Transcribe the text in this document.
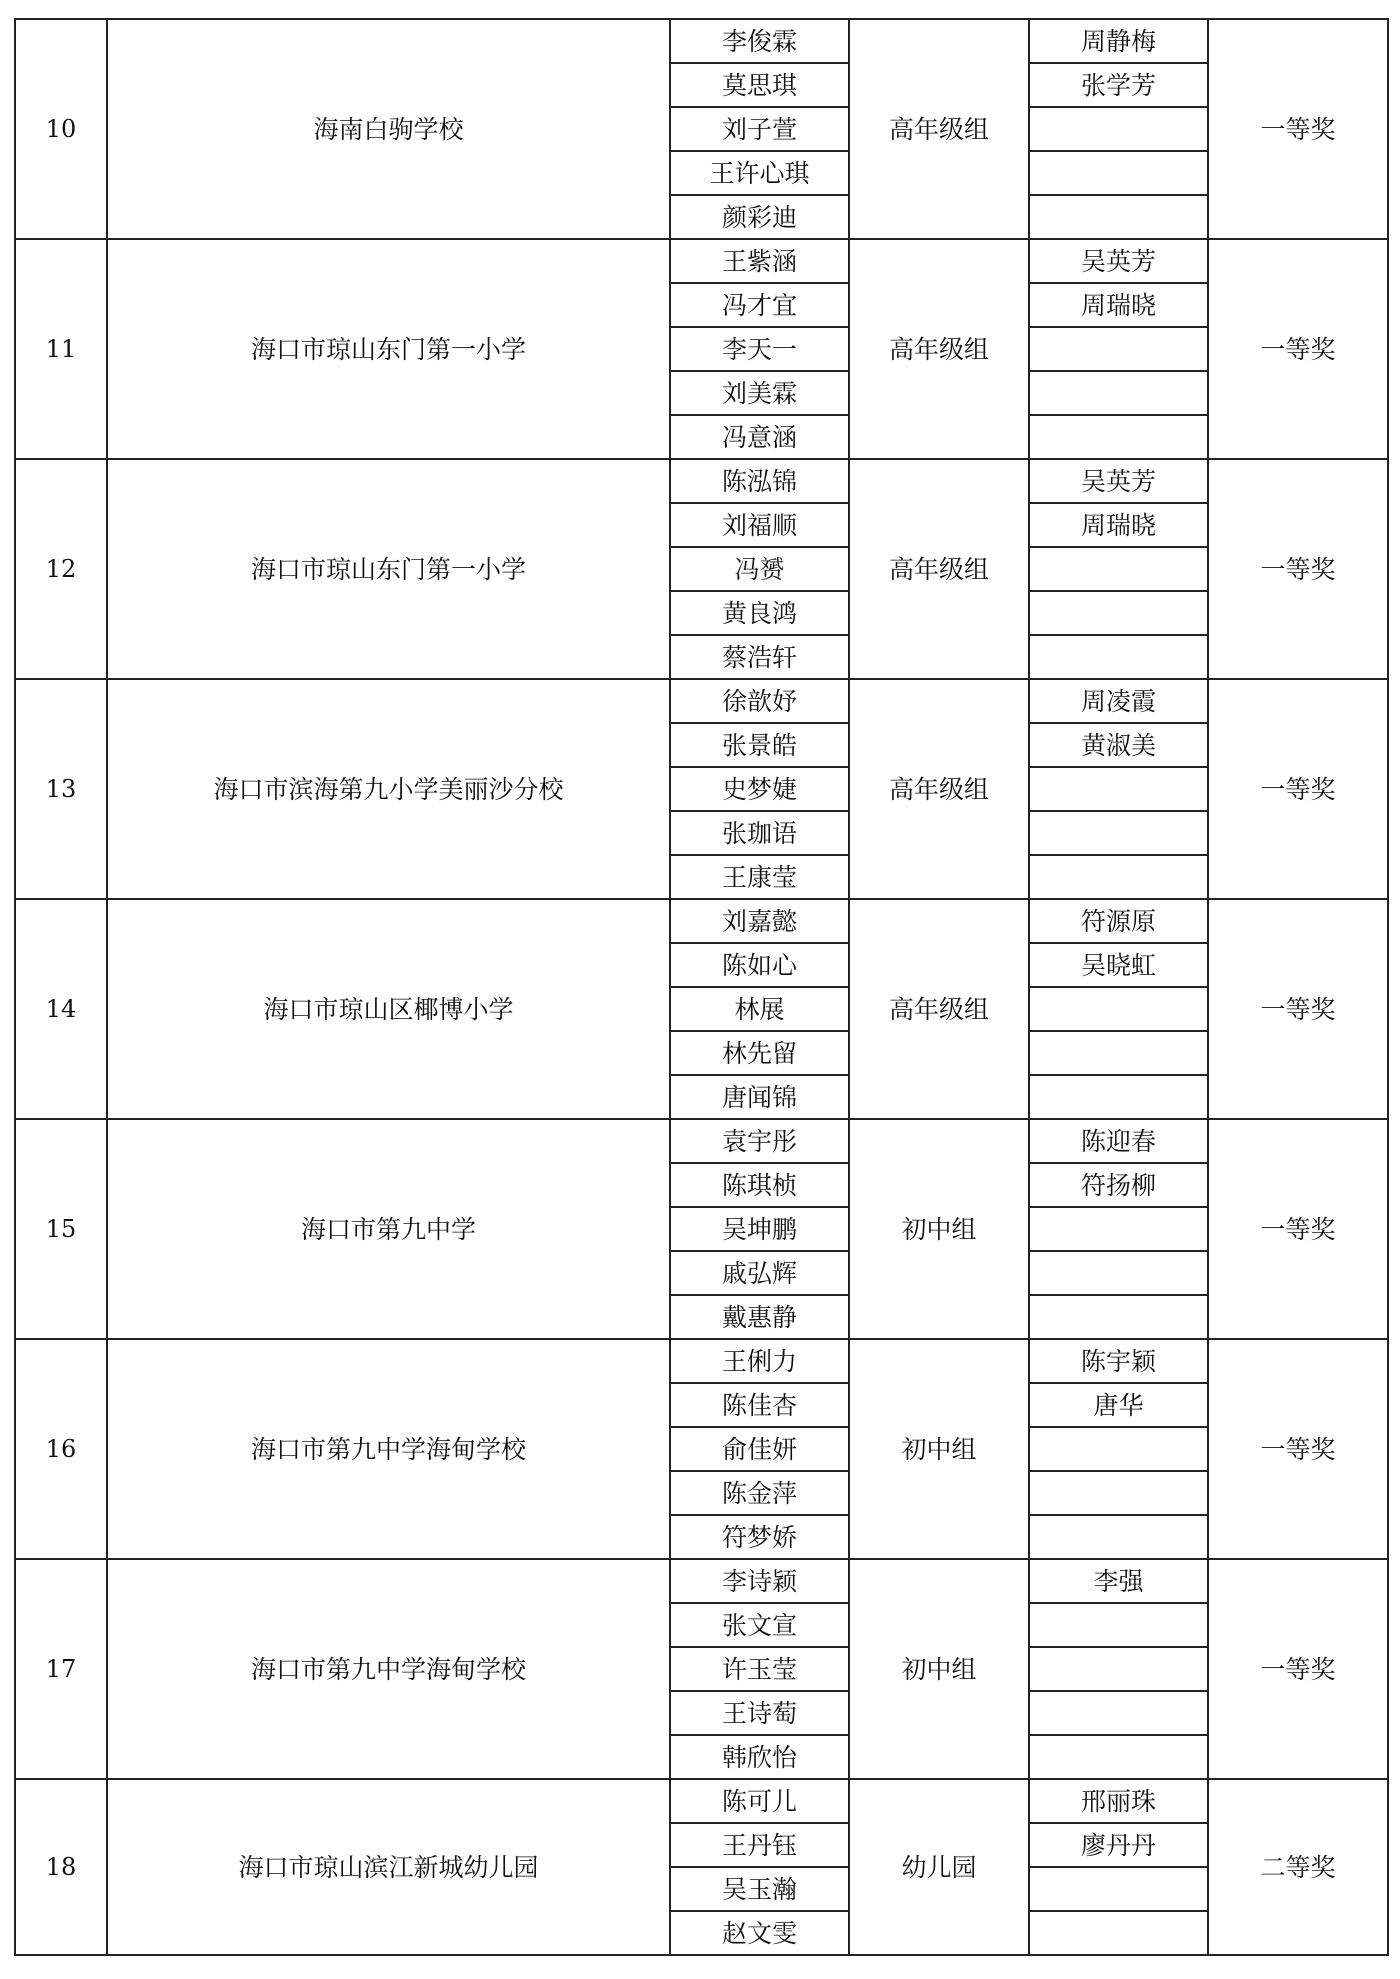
10	海南白驹学校	李俊霖	高年级组	周静梅	一等奖
		莫思琪		张学芳	
		刘子萱			
		王许心琪			
		颜彩迪			
11	海口市琼山东门第一小学	王紫涵	高年级组	吴英芳	一等奖
		冯才宜		周瑞晓	
		李天一			
		刘美霖			
		冯意涵			
12	海口市琼山东门第一小学	陈泓锦	高年级组	吴英芳	一等奖
		刘福顺		周瑞晓	
		冯赟			
		黄良鸿			
		蔡浩轩			
13	海口市滨海第九小学美丽沙分校	徐歆妤	高年级组	周凌霞	一等奖
		张景皓		黄淑美	
		史梦婕			
		张珈语			
		王康莹			
14	海口市琼山区椰博小学	刘嘉懿	高年级组	符源原	一等奖
		陈如心		吴晓虹	
		林展			
		林先留			
		唐闻锦			
15	海口市第九中学	袁宇彤	初中组	陈迎春	一等奖
		陈琪桢		符扬柳	
		吴坤鹏			
		戚弘辉			
		戴惠静			
16	海口市第九中学海甸学校	王俐力	初中组	陈宇颖	一等奖
		陈佳杏		唐华	
		俞佳妍			
		陈金萍			
		符梦娇			
17	海口市第九中学海甸学校	李诗颖	初中组	李强	一等奖
		张文宣			
		许玉莹			
		王诗萄			
		韩欣怡			
18	海口市琼山滨江新城幼儿园	陈可儿	幼儿园	邢丽珠	二等奖
		王丹钰		廖丹丹	
		吴玉瀚			
		赵文雯			
